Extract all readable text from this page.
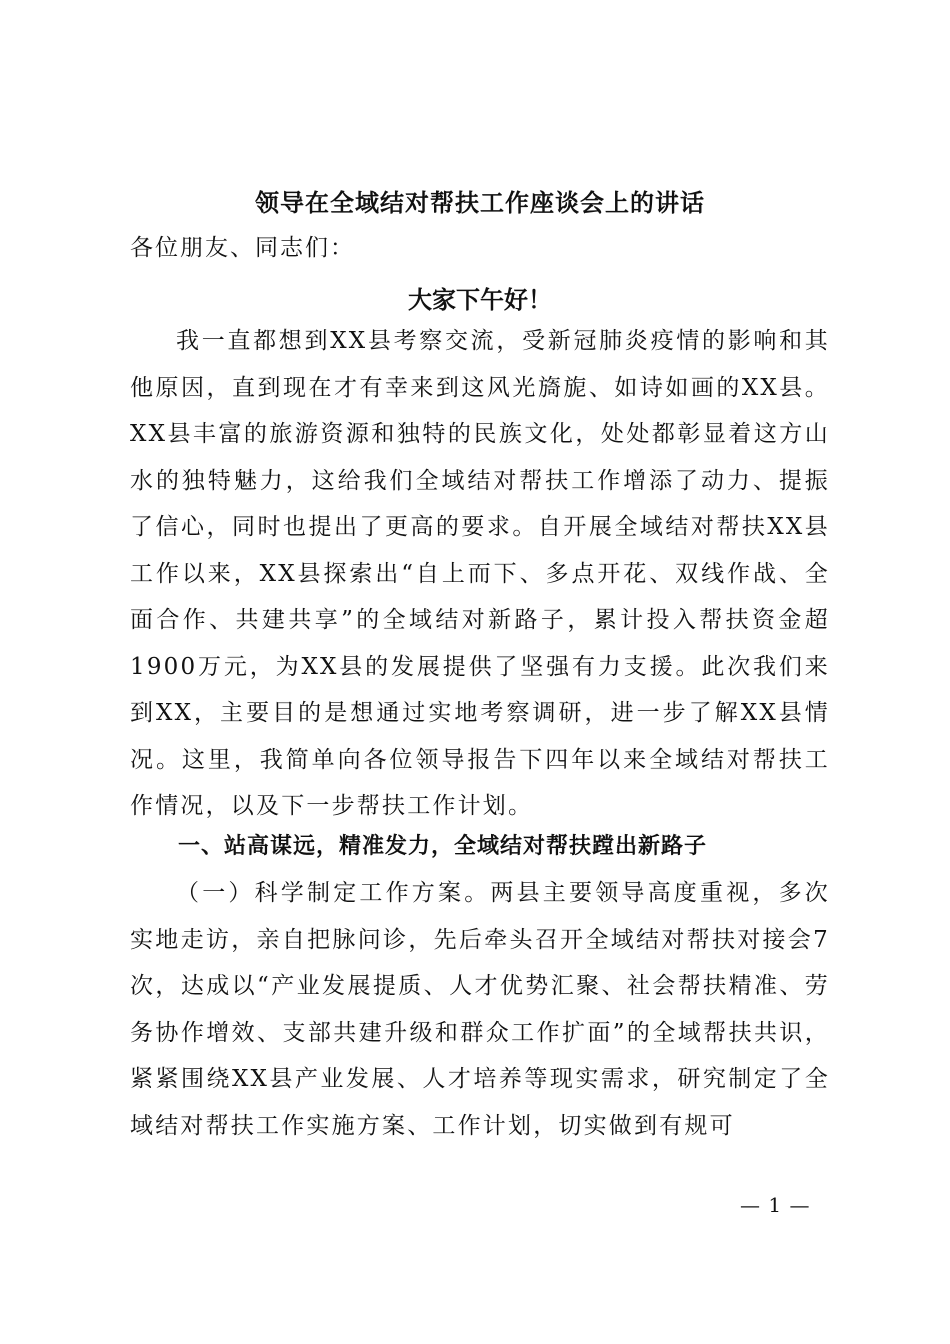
领导在全域结对帮扶工作座谈会上的讲话
各位朋友、同志们：
大家下午好！

我一直都想到XX县考察交流，受新冠肺炎疫情的影响和其他原因，直到现在才有幸来到这风光旖旎、如诗如画的XX县。XX县丰富的旅游资源和独特的民族文化，处处都彰显着这方山水的独特魅力，这给我们全域结对帮扶工作增添了动力、提振了信心，同时也提出了更高的要求。自开展全域结对帮扶XX县工作以来，XX县探索出“自上而下、多点开花、双线作战、全面合作、共建共享”的全域结对新路子，累计投入帮扶资金超1900万元，为XX县的发展提供了坚强有力支援。此次我们来到XX，主要目的是想通过实地考察调研，进一步了解XX县情况。这里，我简单向各位领导报告下四年以来全域结对帮扶工作情况，以及下一步帮扶工作计划。

一、站高谋远，精准发力，全域结对帮扶蹚出新路子

（一）科学制定工作方案。两县主要领导高度重视，多次实地走访，亲自把脉问诊，先后牵头召开全域结对帮扶对接会7次，达成以“产业发展提质、人才优势汇聚、社会帮扶精准、劳务协作增效、支部共建升级和群众工作扩面”的全域帮扶共识，紧紧围绕XX县产业发展、人才培养等现实需求，研究制定了全域结对帮扶工作实施方案、工作计划，切实做到有规可

— 1 —
